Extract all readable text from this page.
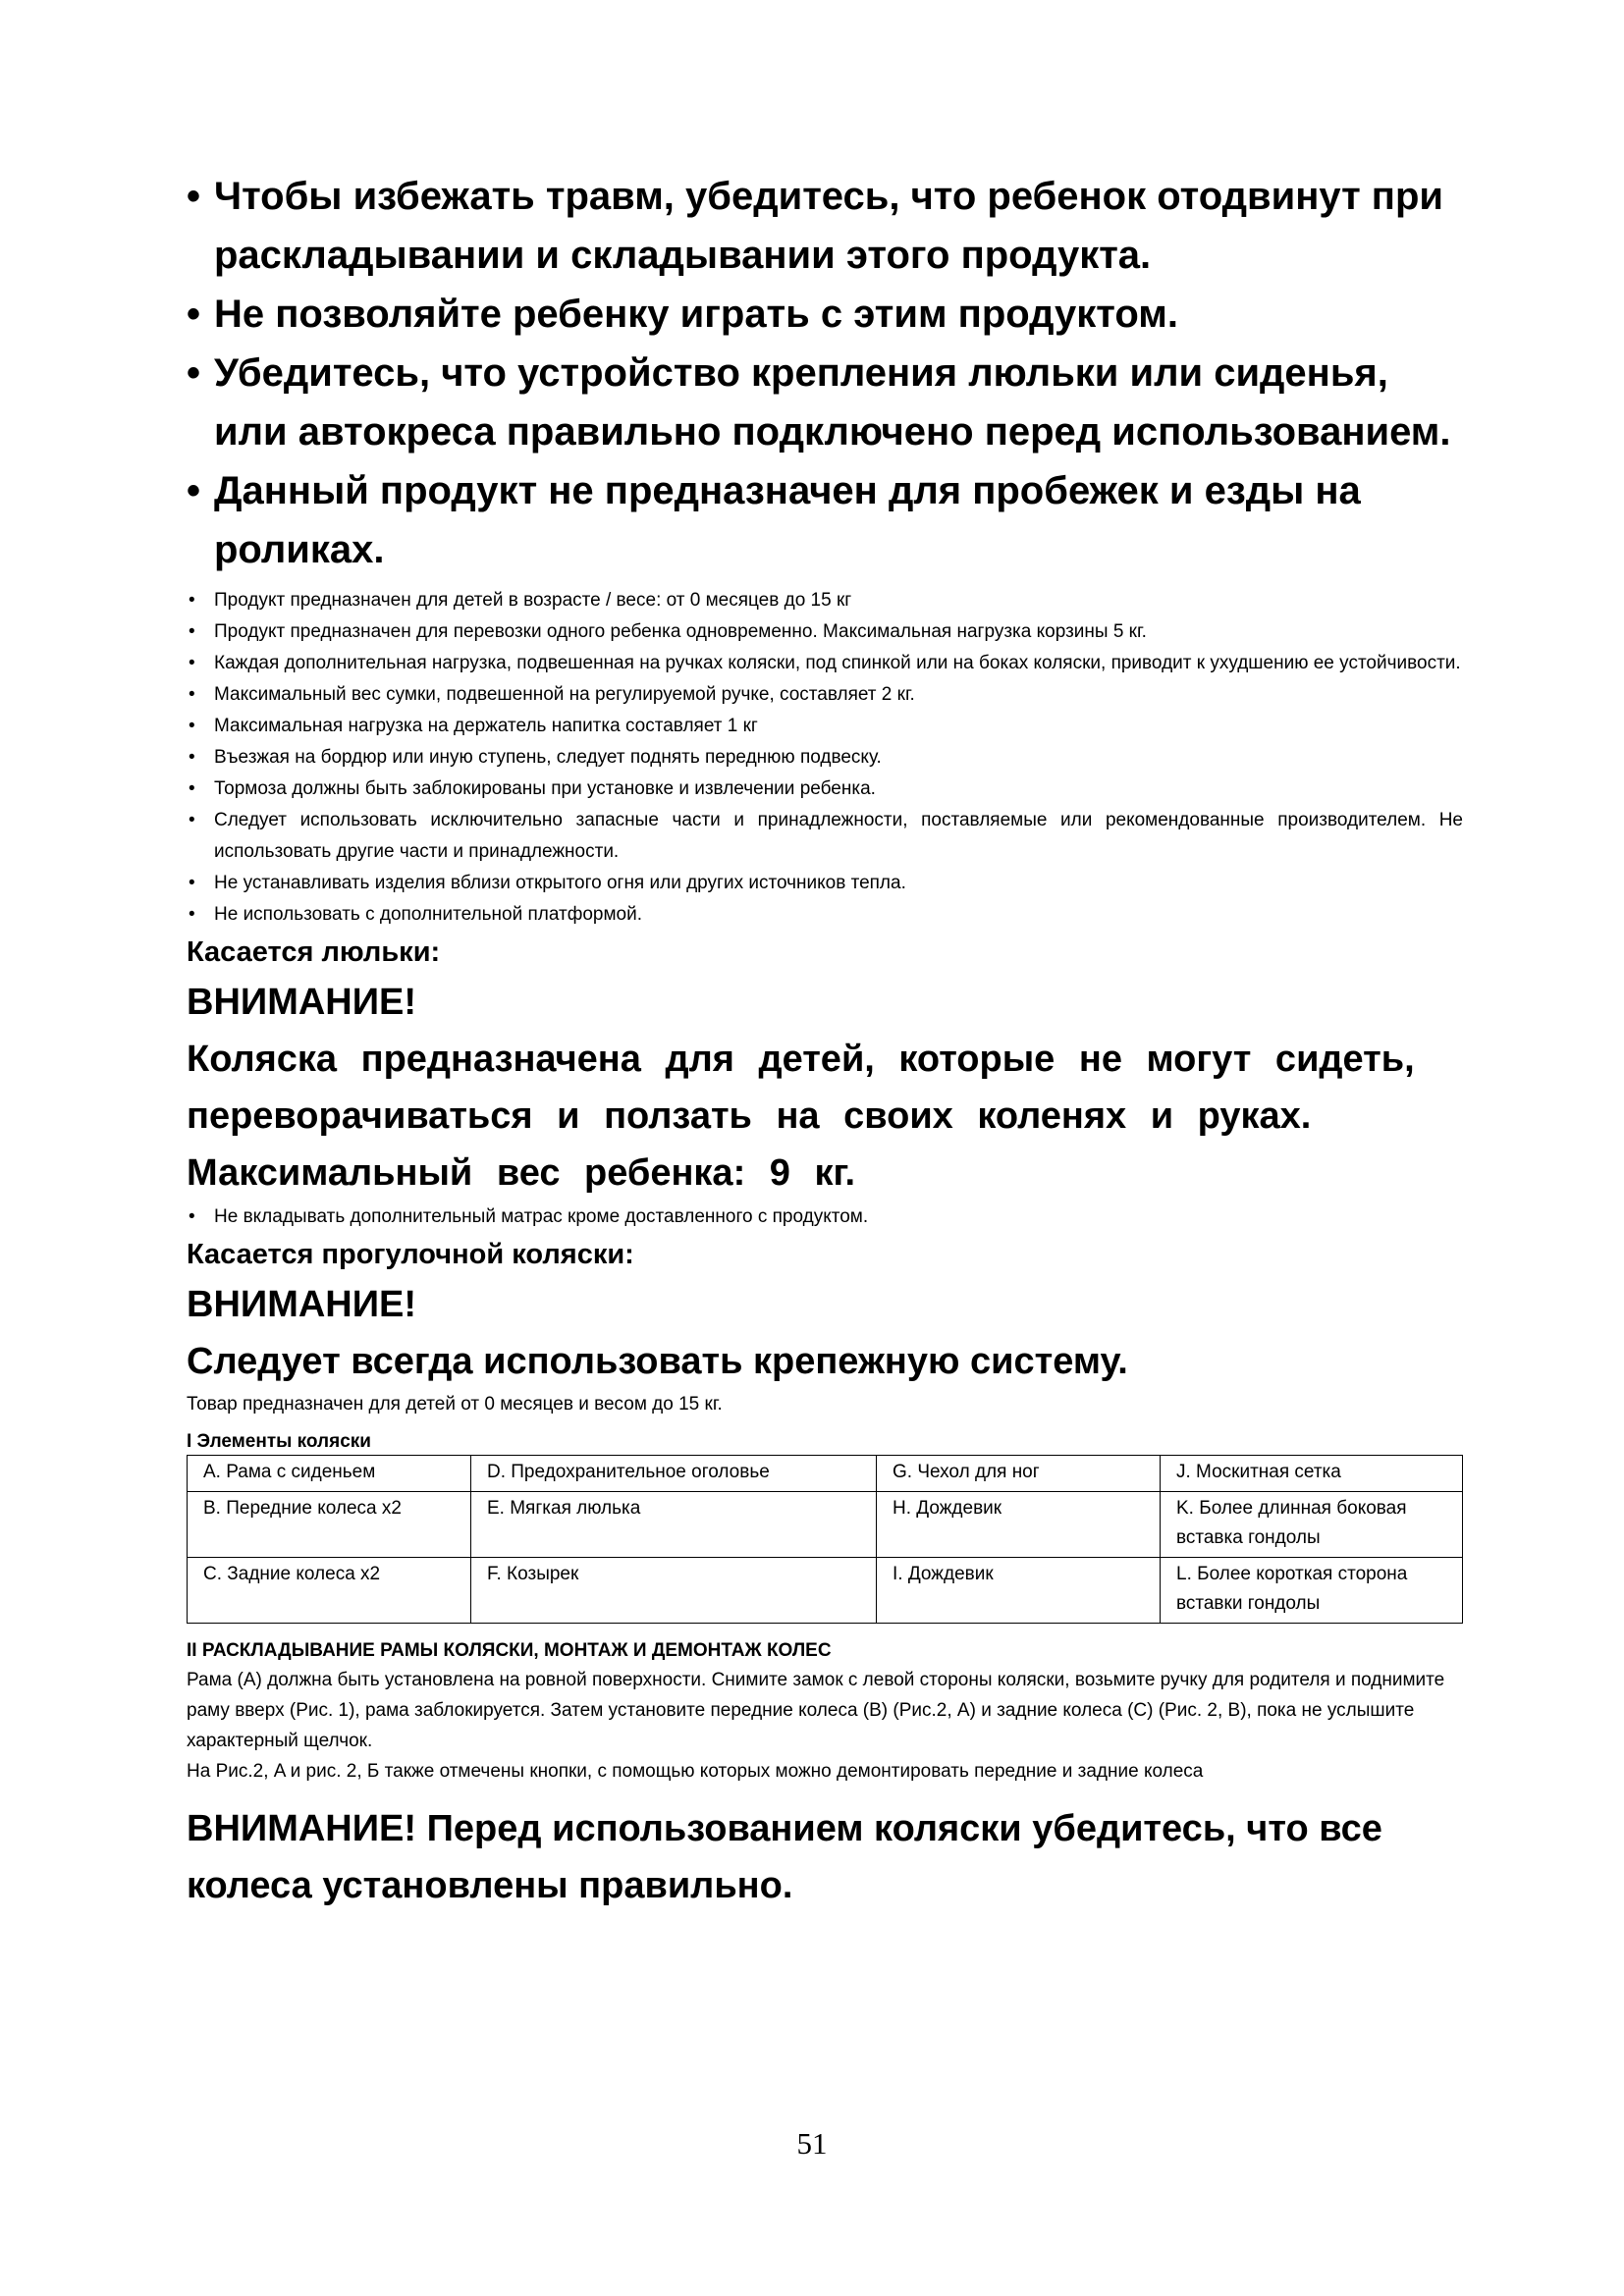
• Чтобы избежать травм, убедитесь, что ребенок отодвинут при раскладывании и складывании этого продукта.
• Не позволяйте ребенку играть с этим продуктом.
• Убедитесь, что устройство крепления люльки или сиденья, или автокреса правильно подключено перед использованием.
• Данный продукт не предназначен для пробежек и езды на роликах.
• Продукт предназначен для детей в возрасте / весе: от 0 месяцев до 15 кг
• Продукт предназначен для перевозки одного ребенка одновременно. Максимальная нагрузка корзины 5 кг.
• Каждая дополнительная нагрузка, подвешенная на ручках коляски, под спинкой или на боках коляски, приводит к ухудшению ее устойчивости.
• Максимальный вес сумки, подвешенной на регулируемой ручке, составляет 2 кг.
• Максимальная нагрузка на держатель напитка составляет 1 кг
• Въезжая на бордюр или иную ступень, следует поднять переднюю подвеску.
• Тормоза должны быть заблокированы при установке и извлечении ребенка.
• Следует использовать исключительно запасные части и принадлежности, поставляемые или рекомендованные производителем. Не использовать другие части и принадлежности.
• Не устанавливать изделия вблизи открытого огня или других источников тепла.
• Не использовать с дополнительной платформой.
Касается люльки:
ВНИМАНИЕ!
Коляска предназначена для детей, которые не могут сидеть, переворачиваться и ползать на своих коленях и руках. Максимальный вес ребенка: 9 кг.
• Не вкладывать дополнительный матрас кроме доставленного с продуктом.
Касается прогулочной коляски:
ВНИМАНИЕ!
Следует всегда использовать крепежную систему.
Товар предназначен для детей от 0 месяцев и весом до 15 кг.
I Элементы коляски
A. Рама с сиденьем	D. Предохранительное оголовье	G. Чехол для ног	J. Москитная сетка
B. Передние колеса x2	E. Мягкая люлька	H. Дождевик	K. Более длинная боковая вставка гондолы
C. Задние колеса x2	F. Козырек	I. Дождевик	L. Более короткая сторона вставки гондолы
II РАСКЛАДЫВАНИЕ РАМЫ КОЛЯСКИ, МОНТАЖ И ДЕМОНТАЖ КОЛЕС
Рама (A) должна быть установлена на ровной поверхности. Снимите замок с левой стороны коляски, возьмите ручку для родителя и поднимите раму вверх (Рис. 1), рама заблокируется. Затем установите передние колеса (B) (Рис.2, A) и задние колеса (C) (Рис. 2, B), пока не услышите характерный щелчок.
На Рис.2, A и рис. 2, Б также отмечены кнопки, с помощью которых можно демонтировать передние и задние колеса
ВНИМАНИЕ! Перед использованием коляски убедитесь, что все колеса установлены правильно.
51
